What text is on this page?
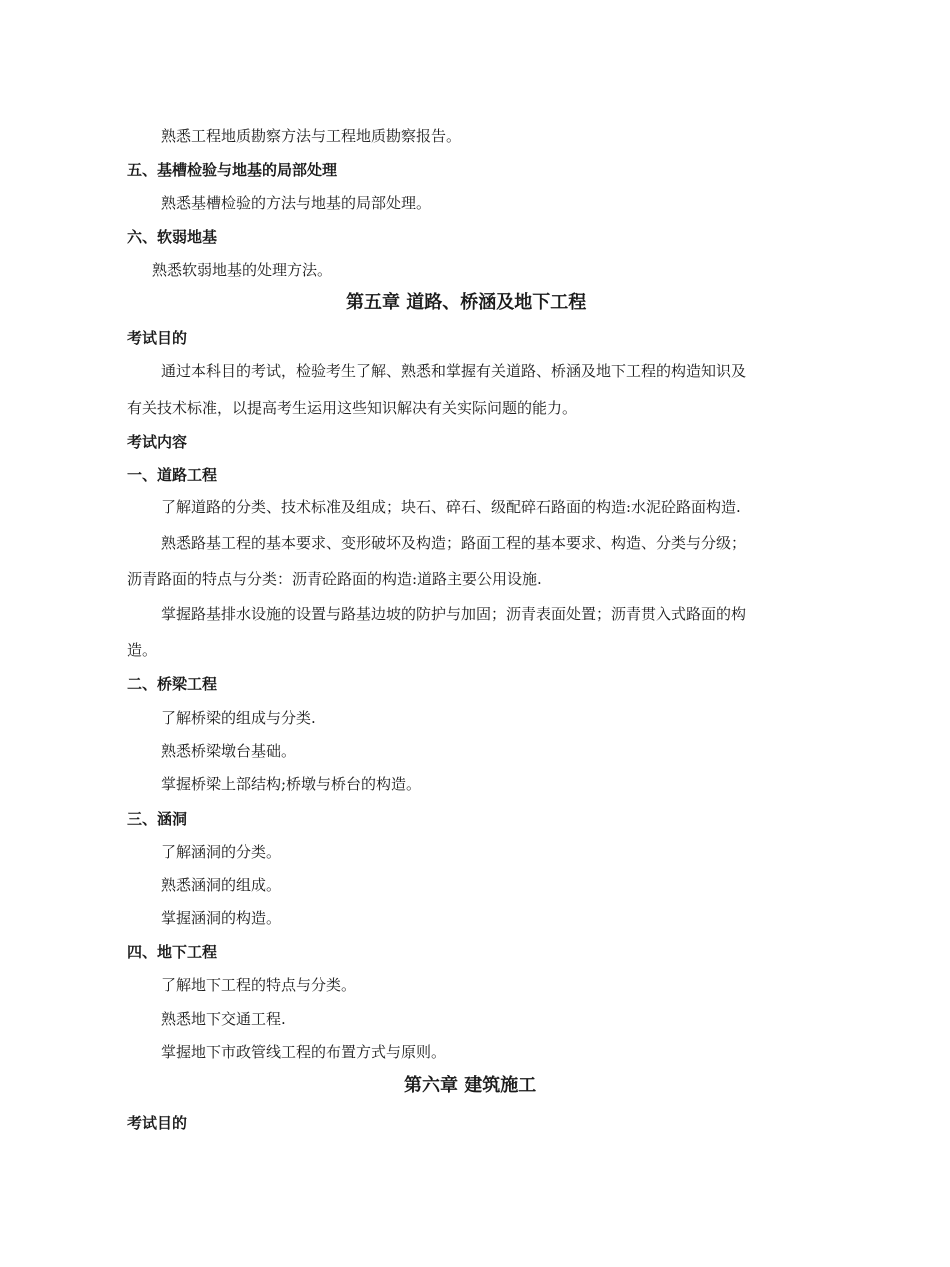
熟悉工程地质勘察方法与工程地质勘察报告。
五、基槽检验与地基的局部处理
熟悉基槽检验的方法与地基的局部处理。
六、软弱地基
熟悉软弱地基的处理方法。
第五章 道路、桥涵及地下工程
考试目的
通过本科目的考试，检验考生了解、熟悉和掌握有关道路、桥涵及地下工程的构造知识及
有关技术标准，以提高考生运用这些知识解决有关实际问题的能力。
考试内容
一、道路工程
了解道路的分类、技术标准及组成；块石、碎石、级配碎石路面的构造:水泥砼路面构造.
熟悉路基工程的基本要求、变形破坏及构造；路面工程的基本要求、构造、分类与分级；
沥青路面的特点与分类：沥青砼路面的构造:道路主要公用设施.
掌握路基排水设施的设置与路基边坡的防护与加固；沥青表面处置；沥青贯入式路面的构
造。
二、桥梁工程
了解桥梁的组成与分类.
熟悉桥梁墩台基础。
掌握桥梁上部结构;桥墩与桥台的构造。
三、涵洞
了解涵洞的分类。
熟悉涵洞的组成。
掌握涵洞的构造。
四、地下工程
了解地下工程的特点与分类。
熟悉地下交通工程.
掌握地下市政管线工程的布置方式与原则。
第六章 建筑施工
考试目的
